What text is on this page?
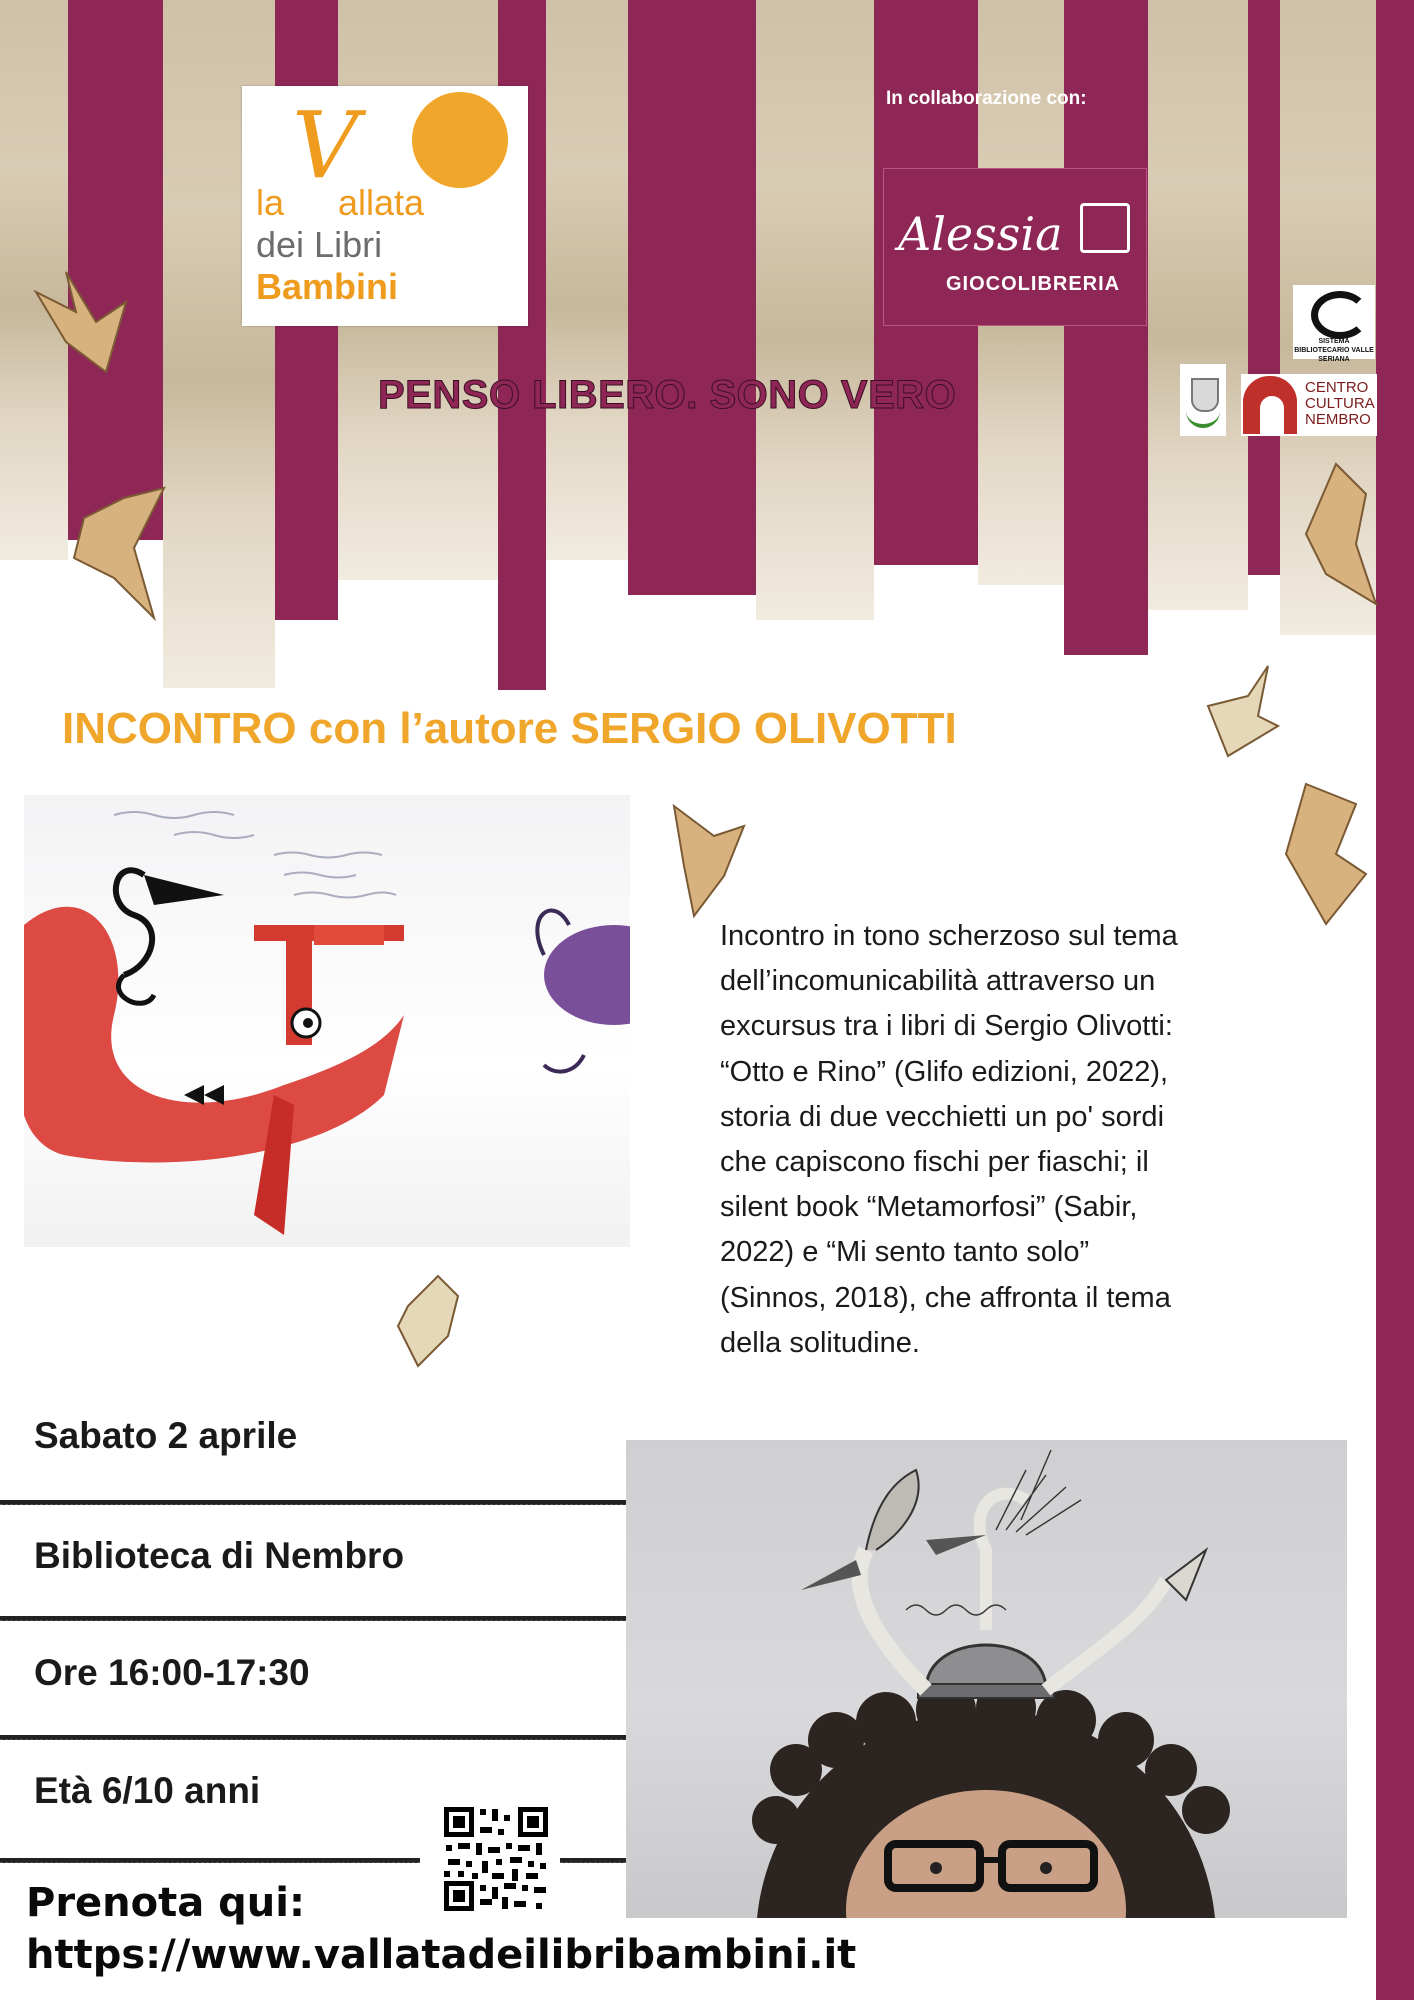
la
V
allata
dei Libri
Bambini
In collaborazione con:
Alessia
GIOCOLIBRERIA
SISTEMA BIBLIOTECARIO VALLE SERIANA
CENTRO
CULTURA
NEMBRO
PENSO LIBERO. SONO VERO
INCONTRO con l’autore SERGIO OLIVOTTI
Incontro in tono scherzoso sul tema
dell’incomunicabilità attraverso un
excursus tra i libri di Sergio Olivotti:
“Otto e Rino” (Glifo edizioni, 2022),
storia di due vecchietti un po' sordi
che capiscono fischi per fiaschi; il
silent book “Metamorfosi” (Sabir,
2022) e “Mi sento tanto solo”
(Sinnos, 2018), che affronta il tema
della solitudine.
Sabato 2 aprile
Biblioteca di Nembro
Ore 16:00-17:30
Età 6/10 anni
Prenota qui:
https://www.vallatadeilibribambini.it
